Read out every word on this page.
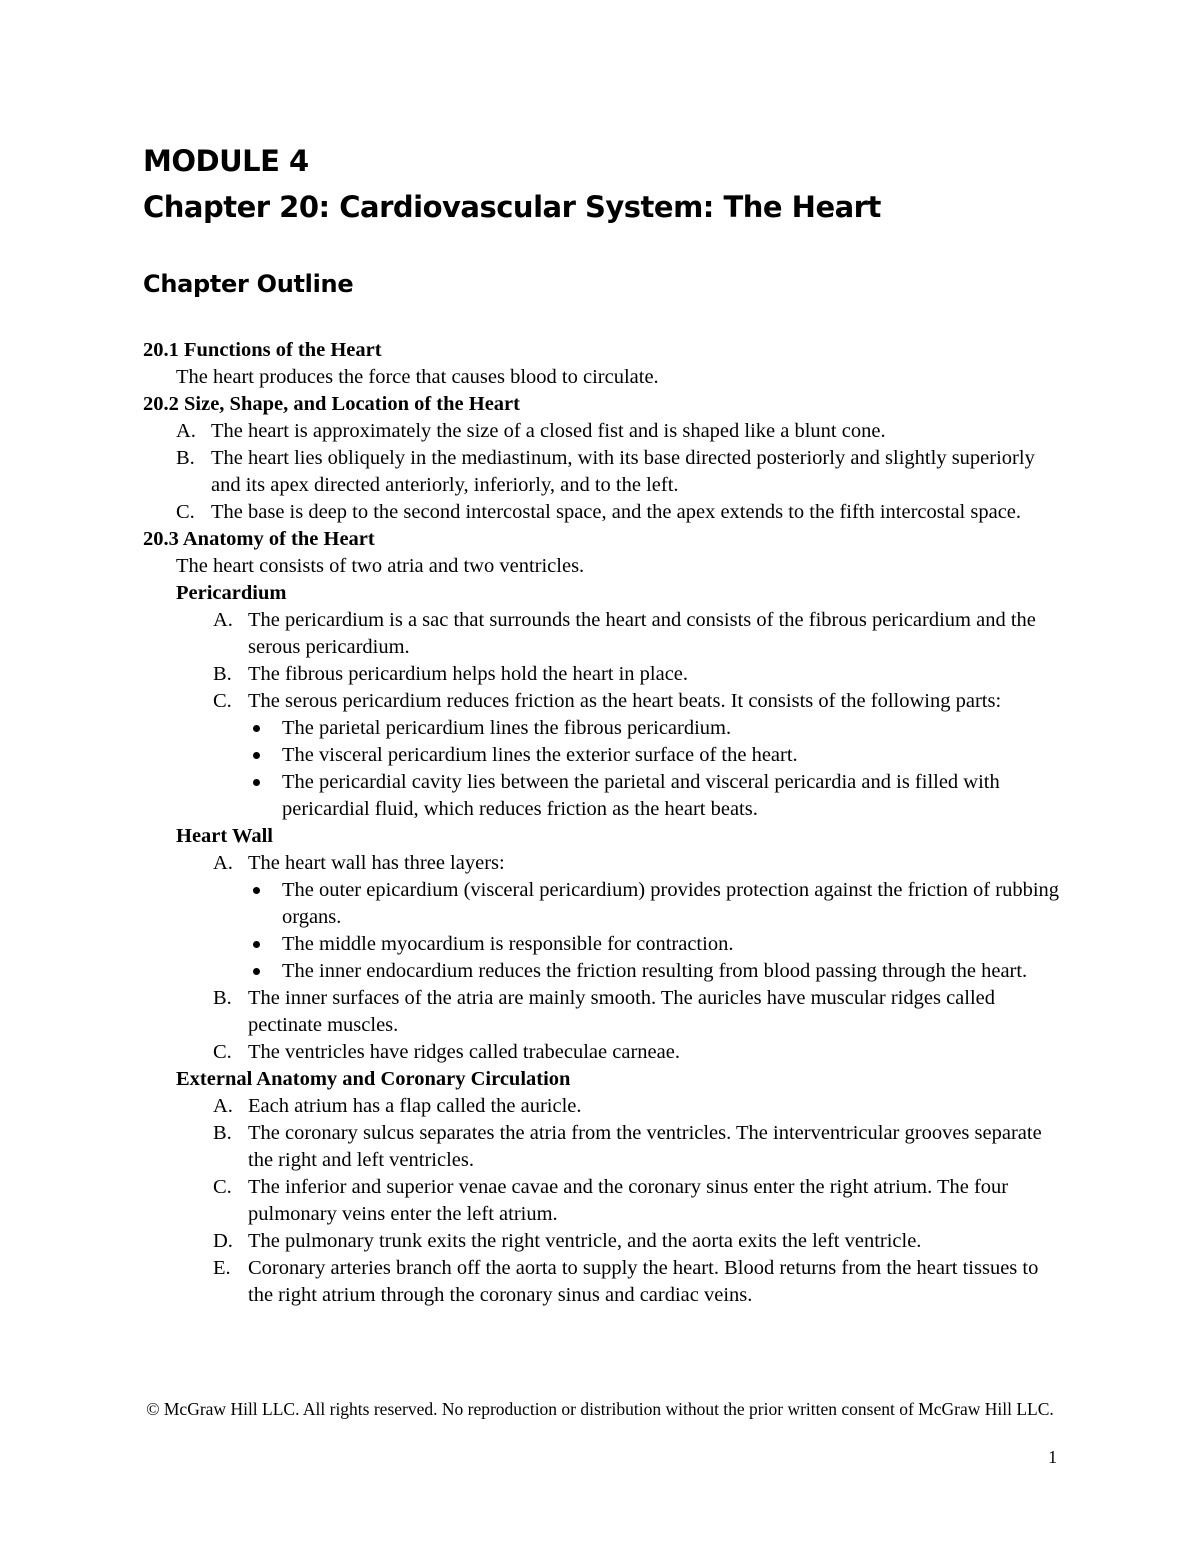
MODULE 4
Chapter 20: Cardiovascular System: The Heart
Chapter Outline
20.1 Functions of the Heart
The heart produces the force that causes blood to circulate.
20.2 Size, Shape, and Location of the Heart
A. The heart is approximately the size of a closed fist and is shaped like a blunt cone.
B. The heart lies obliquely in the mediastinum, with its base directed posteriorly and slightly superiorly and its apex directed anteriorly, inferiorly, and to the left.
C. The base is deep to the second intercostal space, and the apex extends to the fifth intercostal space.
20.3 Anatomy of the Heart
The heart consists of two atria and two ventricles.
Pericardium
A. The pericardium is a sac that surrounds the heart and consists of the fibrous pericardium and the serous pericardium.
B. The fibrous pericardium helps hold the heart in place.
C. The serous pericardium reduces friction as the heart beats. It consists of the following parts:
The parietal pericardium lines the fibrous pericardium.
The visceral pericardium lines the exterior surface of the heart.
The pericardial cavity lies between the parietal and visceral pericardia and is filled with pericardial fluid, which reduces friction as the heart beats.
Heart Wall
A. The heart wall has three layers:
The outer epicardium (visceral pericardium) provides protection against the friction of rubbing organs.
The middle myocardium is responsible for contraction.
The inner endocardium reduces the friction resulting from blood passing through the heart.
B. The inner surfaces of the atria are mainly smooth. The auricles have muscular ridges called pectinate muscles.
C. The ventricles have ridges called trabeculae carneae.
External Anatomy and Coronary Circulation
A. Each atrium has a flap called the auricle.
B. The coronary sulcus separates the atria from the ventricles. The interventricular grooves separate the right and left ventricles.
C. The inferior and superior venae cavae and the coronary sinus enter the right atrium. The four pulmonary veins enter the left atrium.
D. The pulmonary trunk exits the right ventricle, and the aorta exits the left ventricle.
E. Coronary arteries branch off the aorta to supply the heart. Blood returns from the heart tissues to the right atrium through the coronary sinus and cardiac veins.
© McGraw Hill LLC. All rights reserved. No reproduction or distribution without the prior written consent of McGraw Hill LLC.
1
